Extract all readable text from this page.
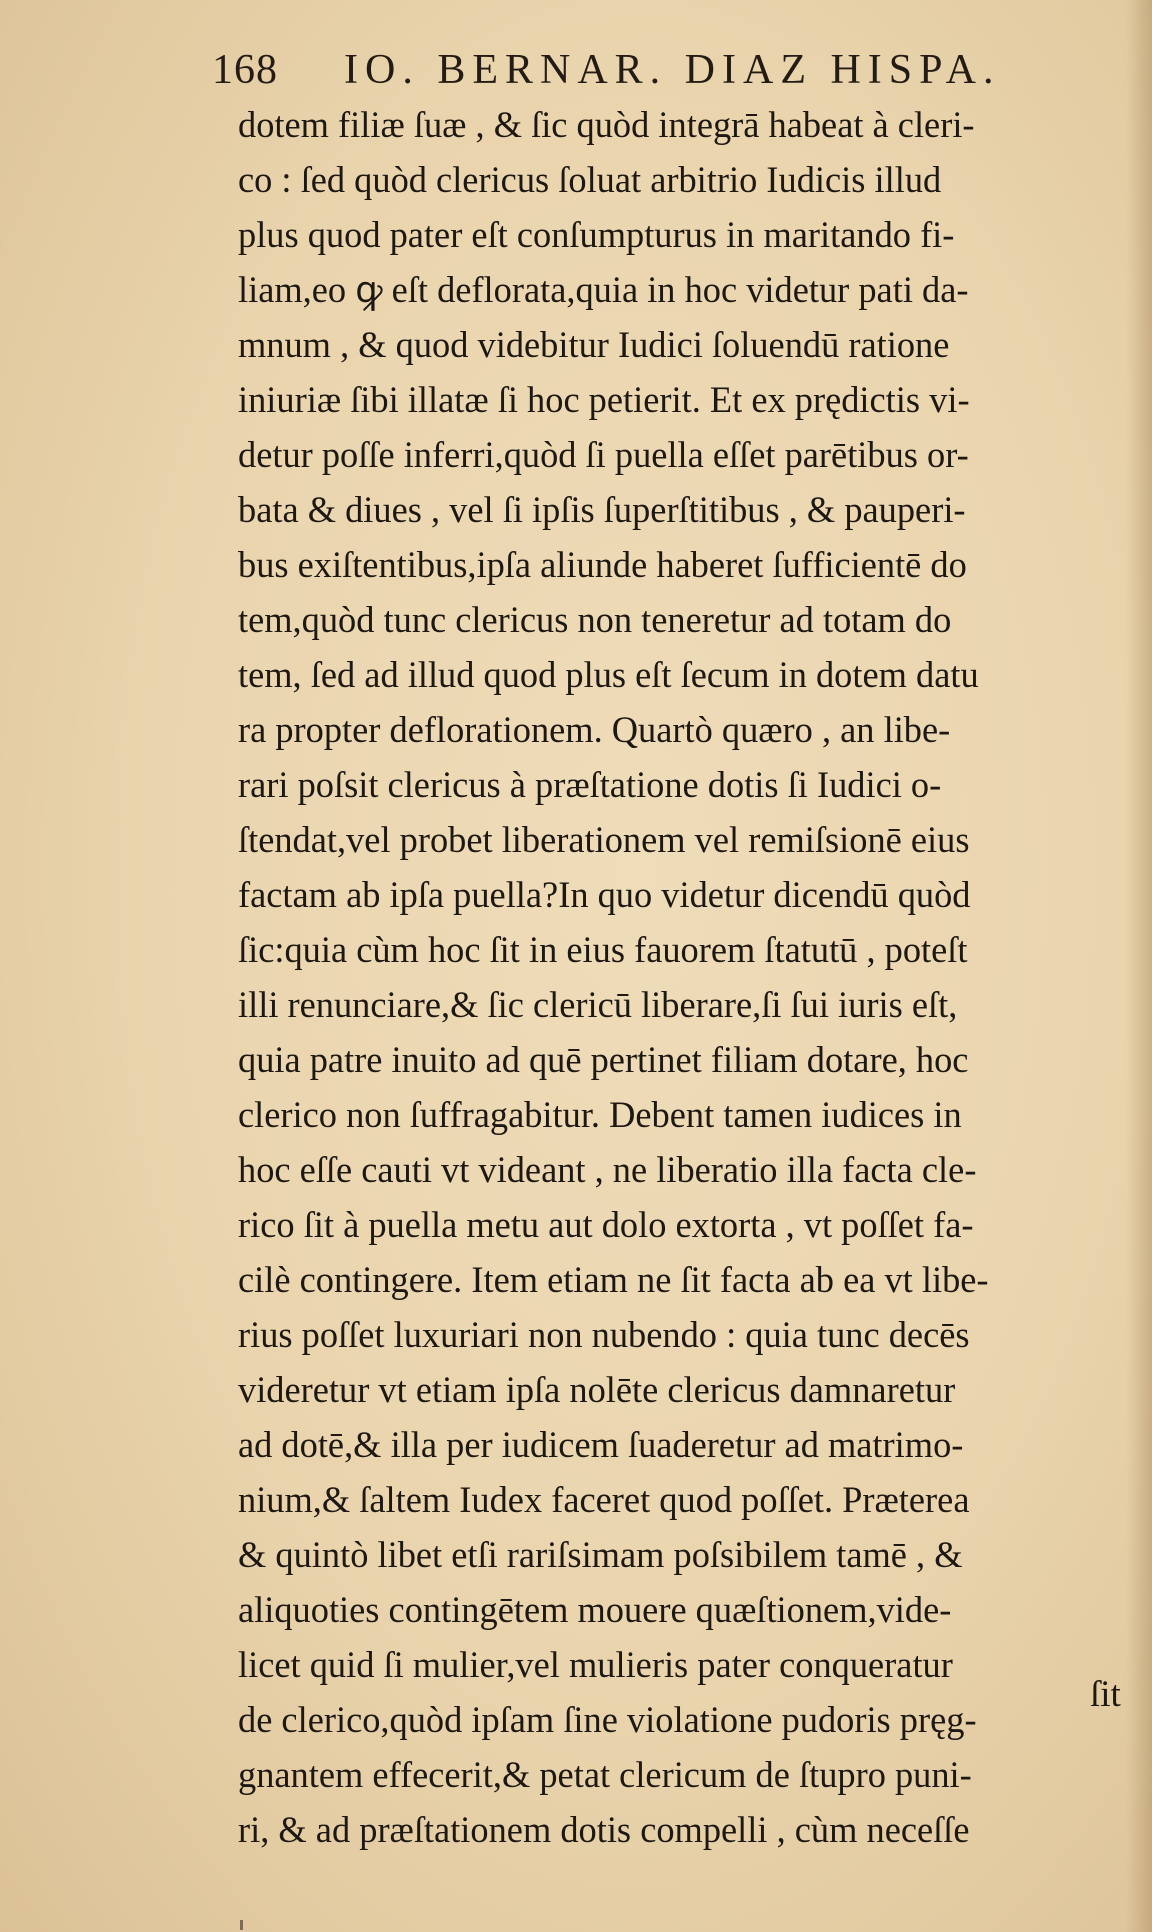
168 IO. BERNAR. DIAZ HISPA.
dotem filiæ ſuæ , & ſic quòd integrā habeat à cleri-
co : ſed quòd clericus ſoluat arbitrio Iudicis illud
plus quod pater eſt conſumpturus in maritando fi-
liam,eo ꝙ eſt deflorata,quia in hoc videtur pati da-
mnum , & quod videbitur Iudici ſoluendū ratione
iniuriæ ſibi illatæ ſi hoc petierit. Et ex prędictis vi-
detur poſſe inferri,quòd ſi puella eſſet parētibus or-
bata & diues , vel ſi ipſis ſuperſtitibus , & pauperi-
bus exiſtentibus,ipſa aliunde haberet ſufficientē do
tem,quòd tunc clericus non teneretur ad totam do
tem, ſed ad illud quod plus eſt ſecum in dotem datu
ra propter deflorationem. Quartò quæro , an libe-
rari poſsit clericus à præſtatione dotis ſi Iudici o-
ſtendat,vel probet liberationem vel remiſsionē eius
factam ab ipſa puella?In quo videtur dicendū quòd
ſic:quia cùm hoc ſit in eius fauorem ſtatutū , poteſt
illi renunciare,& ſic clericū liberare,ſi ſui iuris eſt,
quia patre inuito ad quē pertinet filiam dotare, hoc
clerico non ſuffragabitur. Debent tamen iudices in
hoc eſſe cauti vt videant , ne liberatio illa facta cle-
rico ſit à puella metu aut dolo extorta , vt poſſet fa-
cilè contingere. Item etiam ne ſit facta ab ea vt libe-
rius poſſet luxuriari non nubendo : quia tunc decēs
videretur vt etiam ipſa nolēte clericus damnaretur
ad dotē,& illa per iudicem ſuaderetur ad matrimo-
nium,& ſaltem Iudex faceret quod poſſet. Præterea
& quintò libet etſi rariſsimam poſsibilem tamē , &
aliquoties contingētem mouere quæſtionem,vide-
licet quid ſi mulier,vel mulieris pater conqueratur
de clerico,quòd ipſam ſine violatione pudoris pręg-
gnantem effecerit,& petat clericum de ſtupro puni-
ri, & ad præſtationem dotis compelli , cùm neceſſe
ſit
